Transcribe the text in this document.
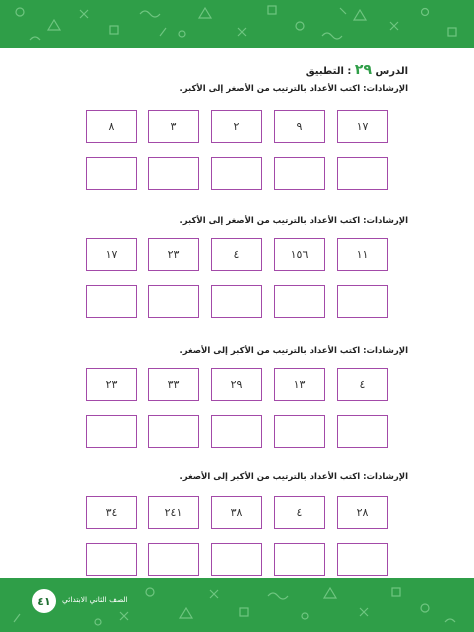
الدرس ٢٩ : التطبيق
الإرشادات: اكتب الأعداد بالترتيب من الأصغر إلى الأكبر.
١٧
٩
٢
٣
٨
الإرشادات: اكتب الأعداد بالترتيب من الأصغر إلى الأكبر.
١١
١٥٦
٤
٢٣
١٧
الإرشادات: اكتب الأعداد بالترتيب من الأكبر إلى الأصغر.
٤
١٣
٢٩
٣٣
٢٣
الإرشادات: اكتب الأعداد بالترتيب من الأكبر إلى الأصغر.
٢٨
٤
٣٨
٢٤١
٣٤
٤١	الصف الثاني الابتدائي
